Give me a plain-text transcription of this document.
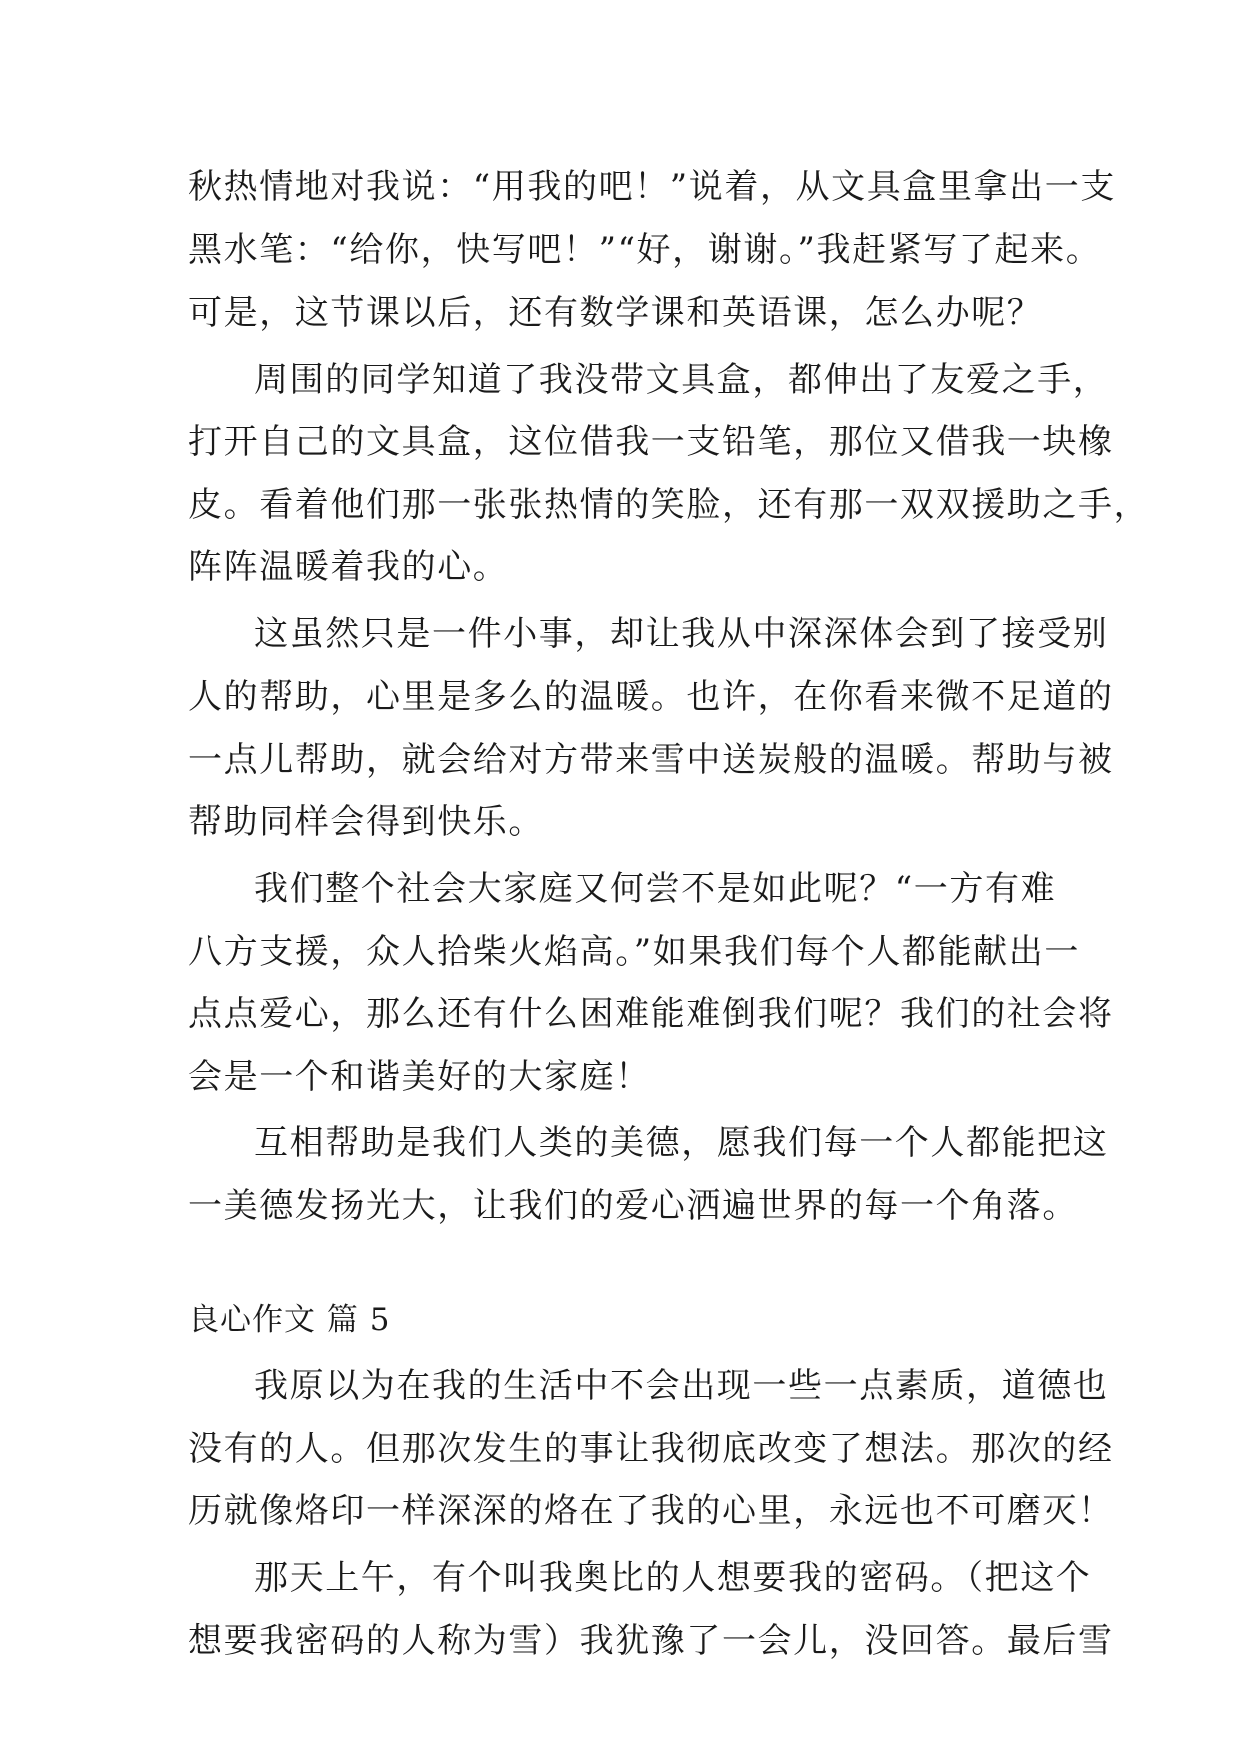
秋热情地对我说：“用我的吧！”说着，从文具盒里拿出一支
黑水笔：“给你，快写吧！”“好，谢谢。”我赶紧写了起来。
可是，这节课以后，还有数学课和英语课，怎么办呢？
周围的同学知道了我没带文具盒，都伸出了友爱之手，
打开自己的文具盒，这位借我一支铅笔，那位又借我一块橡
皮。看着他们那一张张热情的笑脸，还有那一双双援助之手，
阵阵温暖着我的心。
这虽然只是一件小事，却让我从中深深体会到了接受别
人的帮助，心里是多么的温暖。也许，在你看来微不足道的
一点儿帮助，就会给对方带来雪中送炭般的温暖。帮助与被
帮助同样会得到快乐。
我们整个社会大家庭又何尝不是如此呢？“一方有难
八方支援，众人拾柴火焰高。”如果我们每个人都能献出一
点点爱心，那么还有什么困难能难倒我们呢？我们的社会将
会是一个和谐美好的大家庭！
互相帮助是我们人类的美德，愿我们每一个人都能把这
一美德发扬光大，让我们的爱心洒遍世界的每一个角落。
良心作文 篇 5
我原以为在我的生活中不会出现一些一点素质，道德也
没有的人。但那次发生的事让我彻底改变了想法。那次的经
历就像烙印一样深深的烙在了我的心里，永远也不可磨灭！
那天上午，有个叫我奥比的人想要我的密码。（把这个
想要我密码的人称为雪）我犹豫了一会儿，没回答。最后雪
